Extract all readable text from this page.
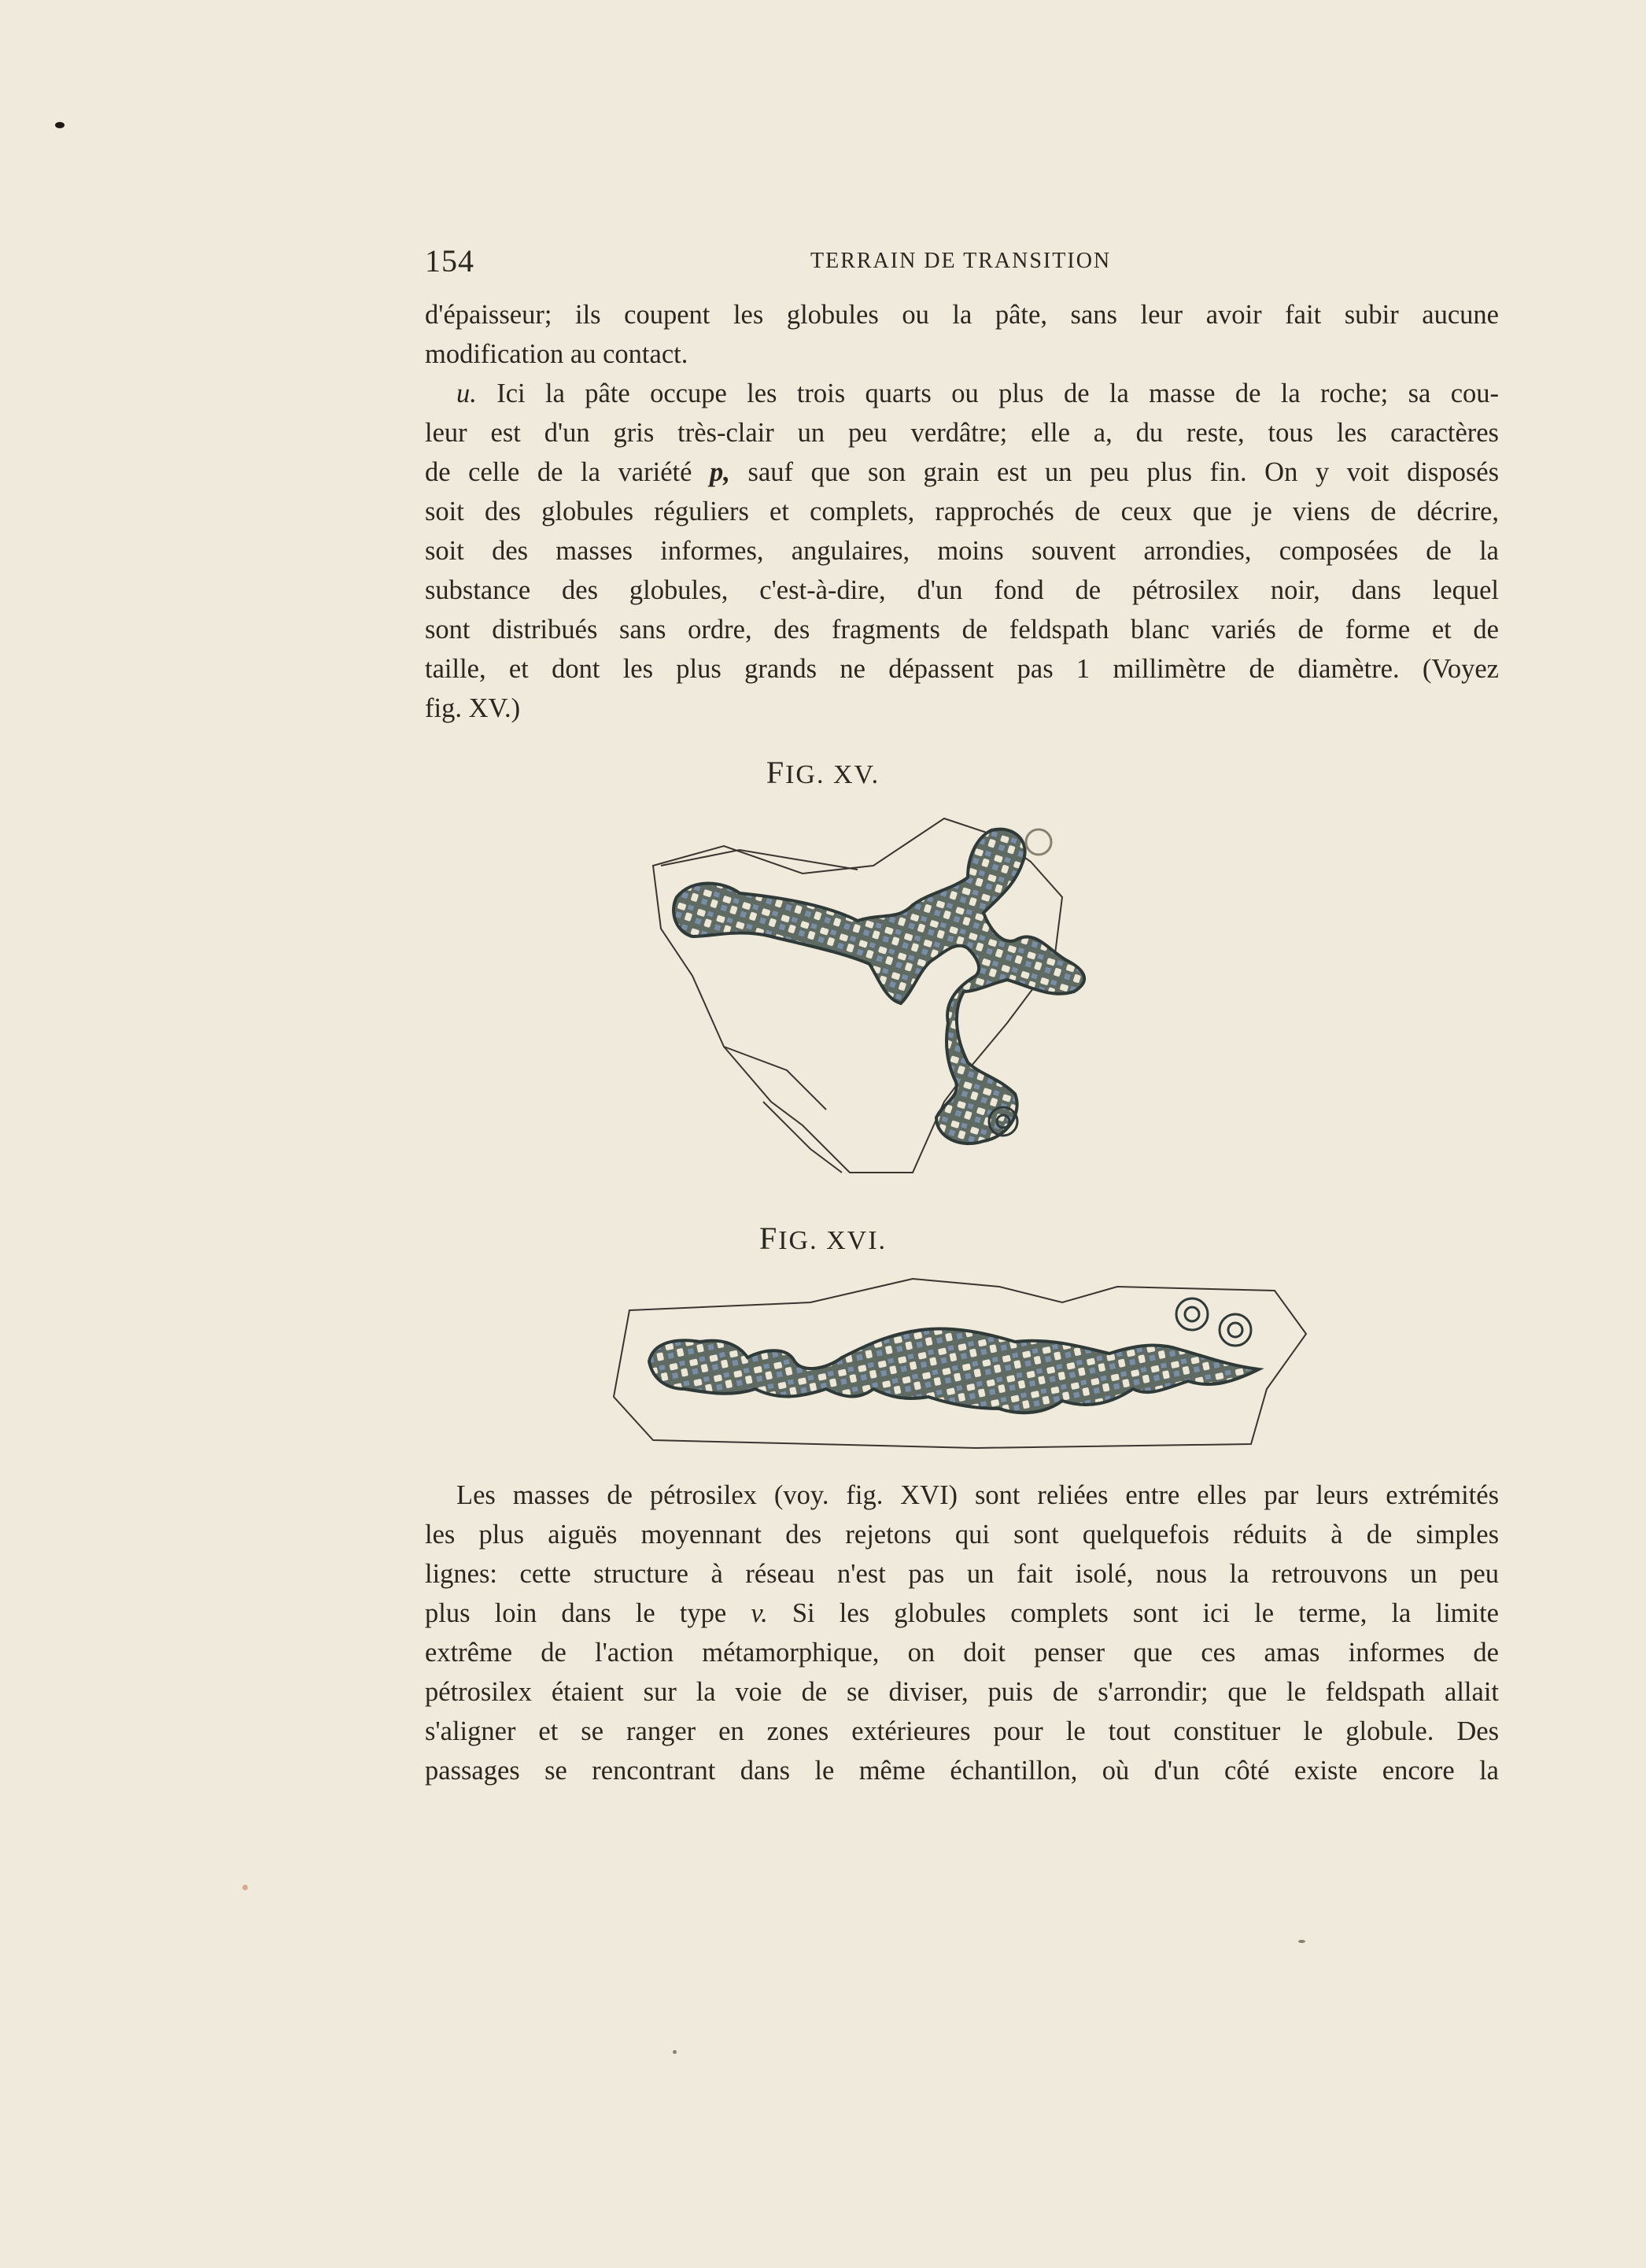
154	TERRAIN DE TRANSITION
d'épaisseur; ils coupent les globules ou la pâte, sans leur avoir fait subir aucune
modification au contact.
u. Ici la pâte occupe les trois quarts ou plus de la masse de la roche; sa cou-
leur est d'un gris très-clair un peu verdâtre; elle a, du reste, tous les caractères
de celle de la variété p, sauf que son grain est un peu plus fin. On y voit disposés
soit des globules réguliers et complets, rapprochés de ceux que je viens de décrire,
soit des masses informes, angulaires, moins souvent arrondies, composées de la
substance des globules, c'est-à-dire, d'un fond de pétrosilex noir, dans lequel
sont distribués sans ordre, des fragments de feldspath blanc variés de forme et de
taille, et dont les plus grands ne dépassent pas 1 millimètre de diamètre. (Voyez
fig. XV.)
FIG. XV.
FIG. XVI.
Les masses de pétrosilex (voy. fig. XVI) sont reliées entre elles par leurs extrémités
les plus aiguës moyennant des rejetons qui sont quelquefois réduits à de simples
lignes: cette structure à réseau n'est pas un fait isolé, nous la retrouvons un peu
plus loin dans le type v. Si les globules complets sont ici le terme, la limite
extrême de l'action métamorphique, on doit penser que ces amas informes de
pétrosilex étaient sur la voie de se diviser, puis de s'arrondir; que le feldspath allait
s'aligner et se ranger en zones extérieures pour le tout constituer le globule. Des
passages se rencontrant dans le même échantillon, où d'un côté existe encore la
